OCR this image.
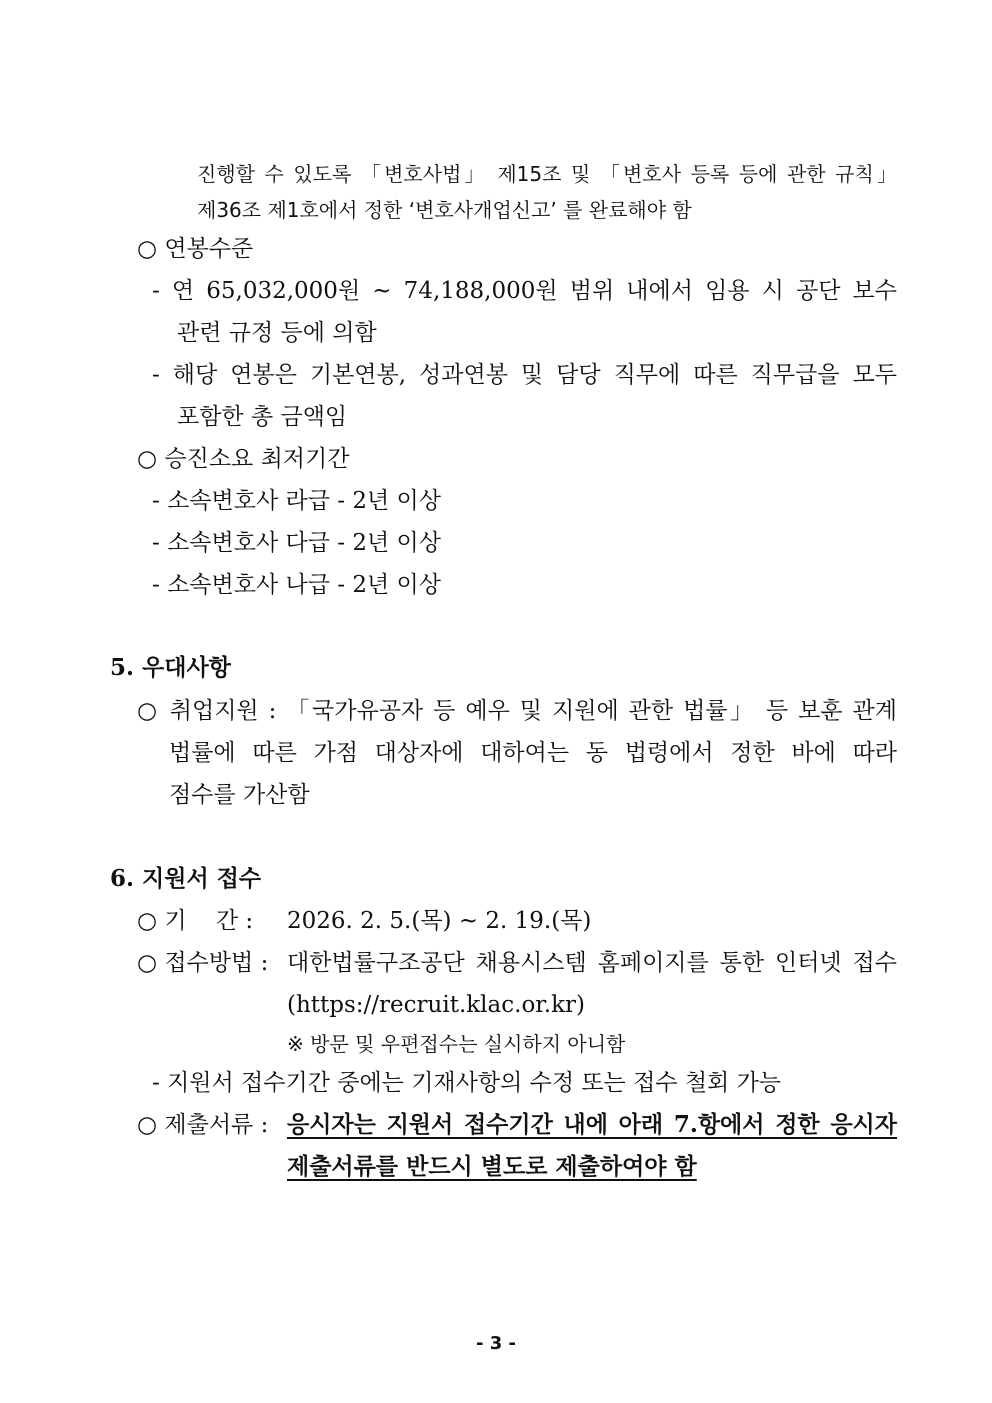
진행할 수 있도록 「변호사법」 제15조 및 「변호사 등록 등에 관한 규칙」
제36조 제1호에서 정한 ‘변호사개업신고’ 를 완료해야 함
○ 연봉수준
- 연 65,032,000원 ~ 74,188,000원 범위 내에서 임용 시 공단 보수
관련 규정 등에 의함
- 해당 연봉은 기본연봉, 성과연봉 및 담당 직무에 따른 직무급을 모두
포함한 총 금액임
○ 승진소요 최저기간
- 소속변호사 라급 - 2년 이상
- 소속변호사 다급 - 2년 이상
- 소속변호사 나급 - 2년 이상
5. 우대사항
○ 취업지원 : 「국가유공자 등 예우 및 지원에 관한 법률」 등 보훈 관계
법률에 따른 가점 대상자에 대하여는 동 법령에서 정한 바에 따라
점수를 가산함
6. 지원서 접수
○ 기    간 : 2026. 2. 5.(목) ~ 2. 19.(목)
○ 접수방법 : 대한법률구조공단 채용시스템 홈페이지를 통한 인터넷 접수
(https://recruit.klac.or.kr)
※ 방문 및 우편접수는 실시하지 아니함
- 지원서 접수기간 중에는 기재사항의 수정 또는 접수 철회 가능
○ 제출서류 : 응시자는 지원서 접수기간 내에 아래 7.항에서 정한 응시자
제출서류를 반드시 별도로 제출하여야 함
- 3 -
